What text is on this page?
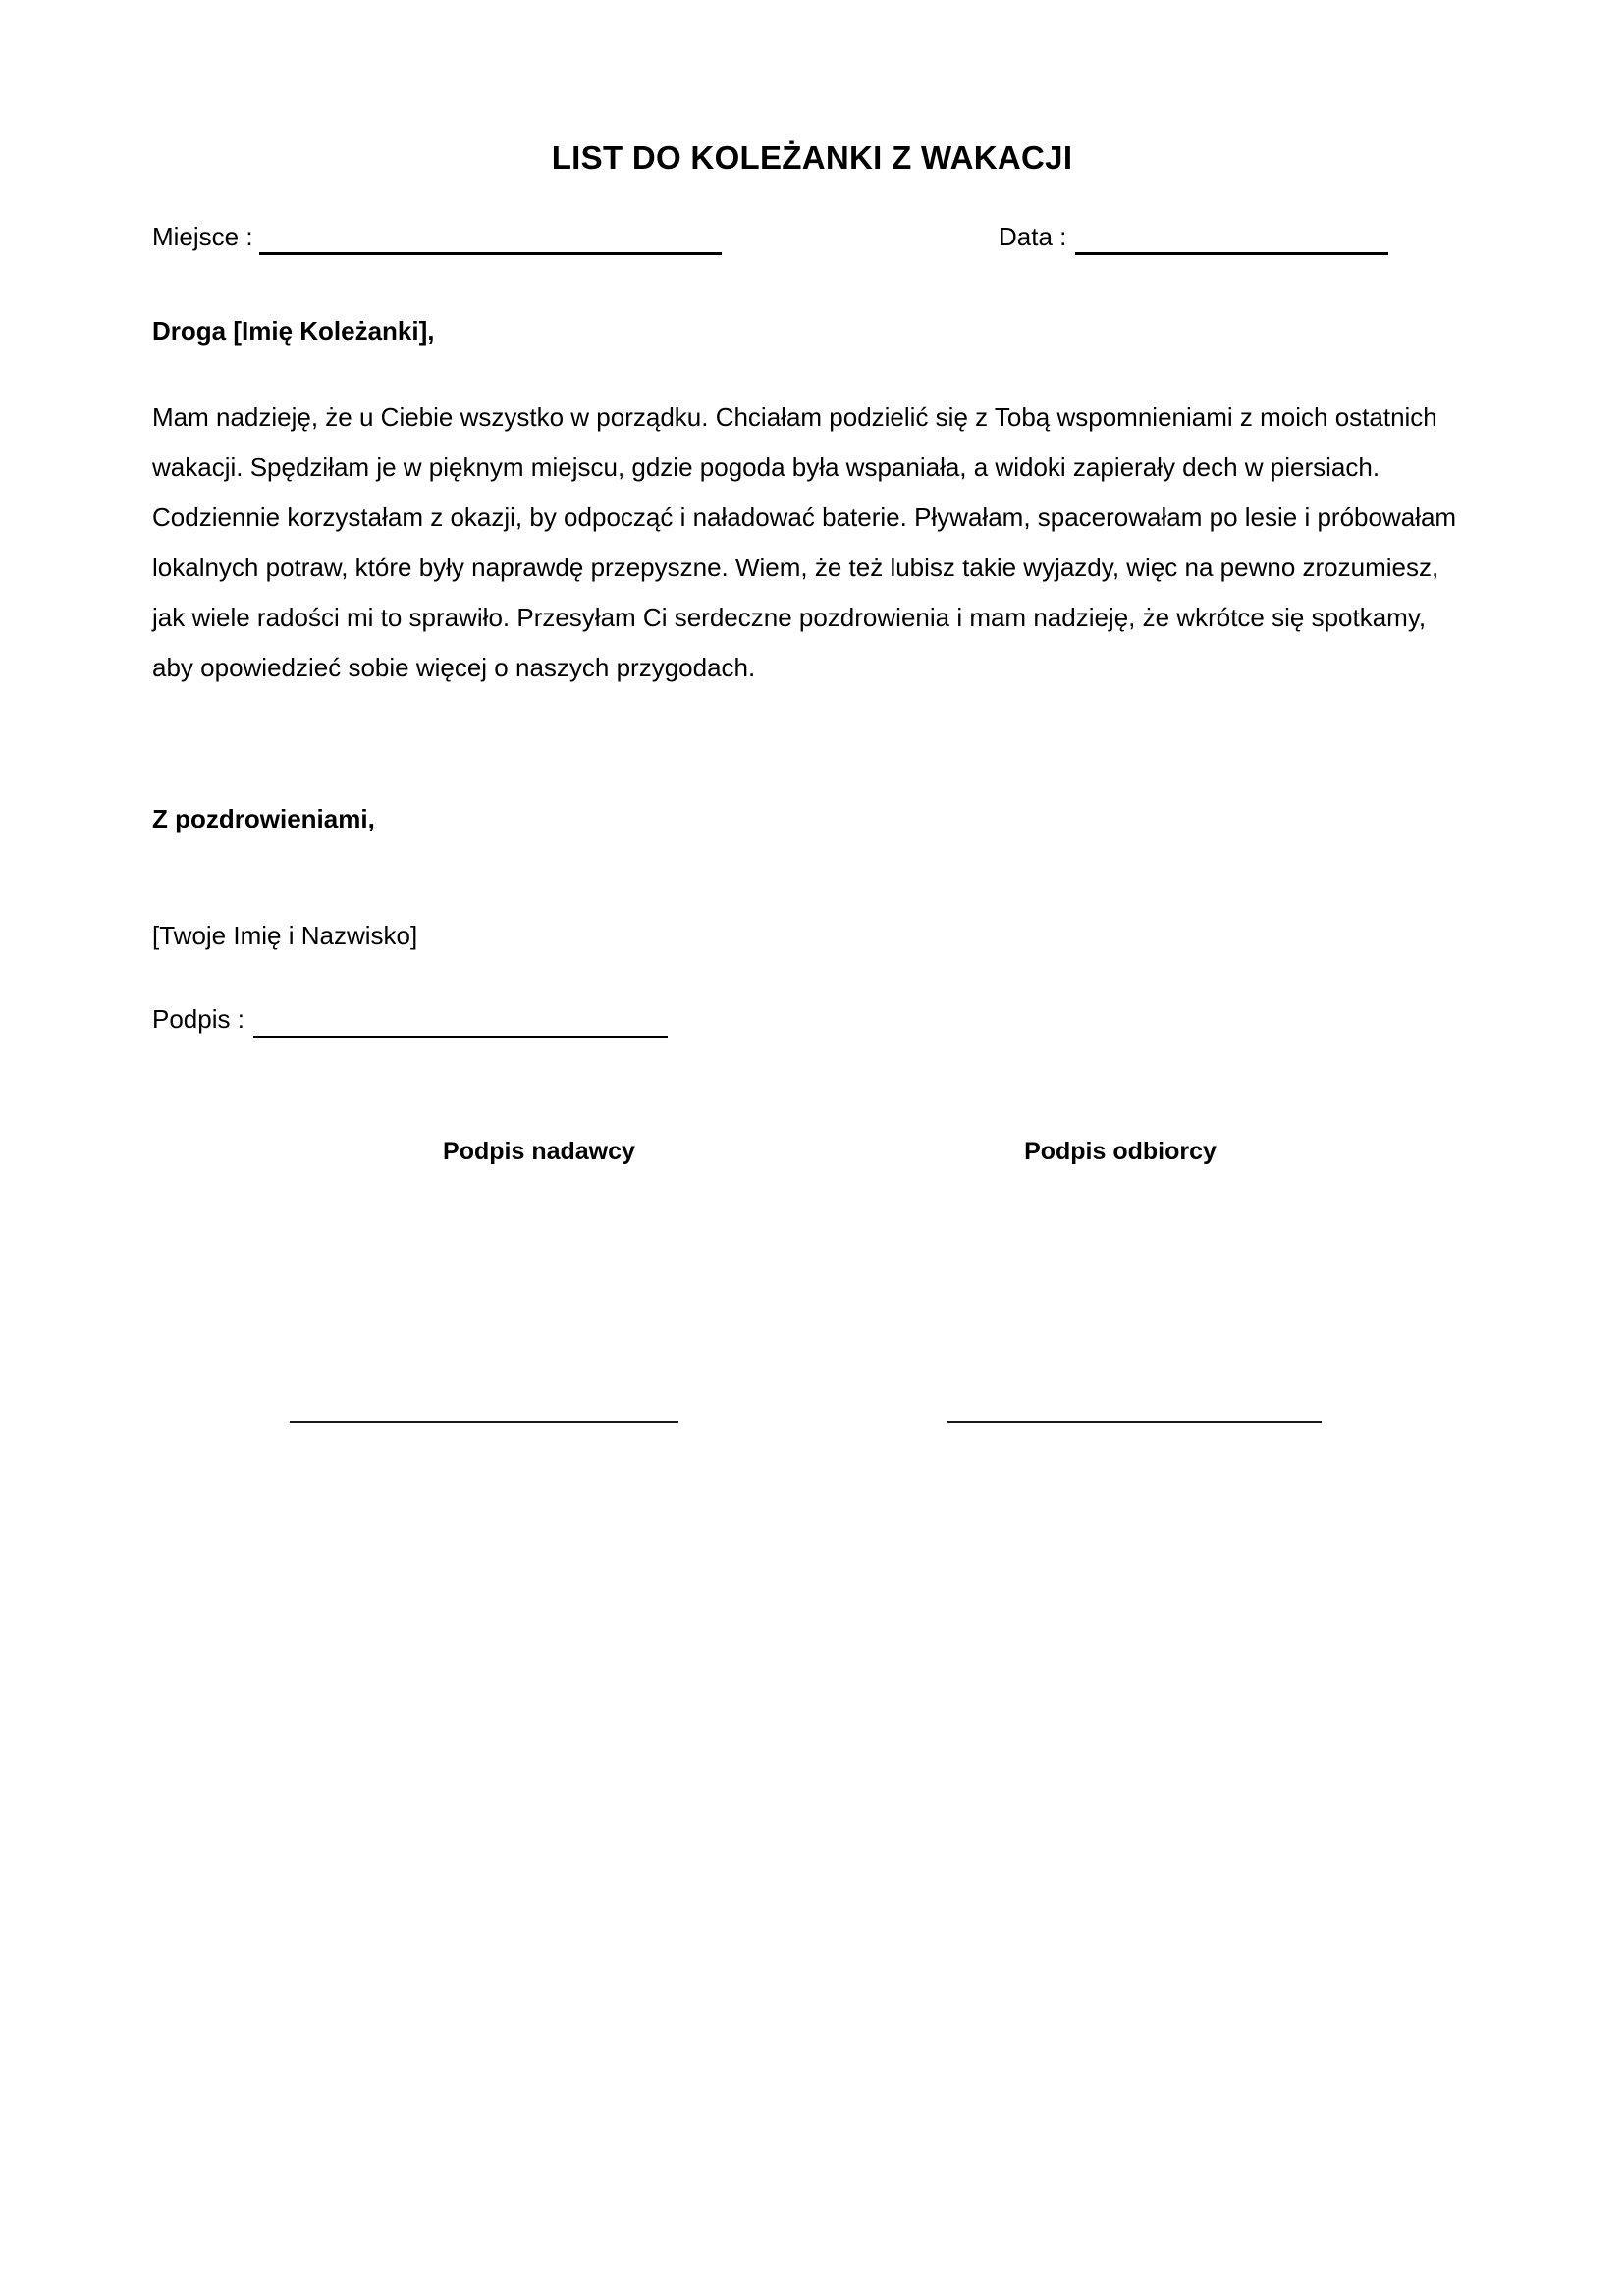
LIST DO KOLEŻANKI Z WAKACJI
Miejsce :	Data :
Droga [Imię Koleżanki],
Mam nadzieję, że u Ciebie wszystko w porządku. Chciałam podzielić się z Tobą wspomnieniami z moich ostatnich wakacji. Spędziłam je w pięknym miejscu, gdzie pogoda była wspaniała, a widoki zapierały dech w piersiach. Codziennie korzystałam z okazji, by odpocząć i naładować baterie. Pływałam, spacerowałam po lesie i próbowałam lokalnych potraw, które były naprawdę przepyszne. Wiem, że też lubisz takie wyjazdy, więc na pewno zrozumiesz, jak wiele radości mi to sprawiło. Przesyłam Ci serdeczne pozdrowienia i mam nadzieję, że wkrótce się spotkamy, aby opowiedzieć sobie więcej o naszych przygodach.
Z pozdrowieniami,
[Twoje Imię i Nazwisko]
Podpis :
Podpis nadawcy	Podpis odbiorcy
